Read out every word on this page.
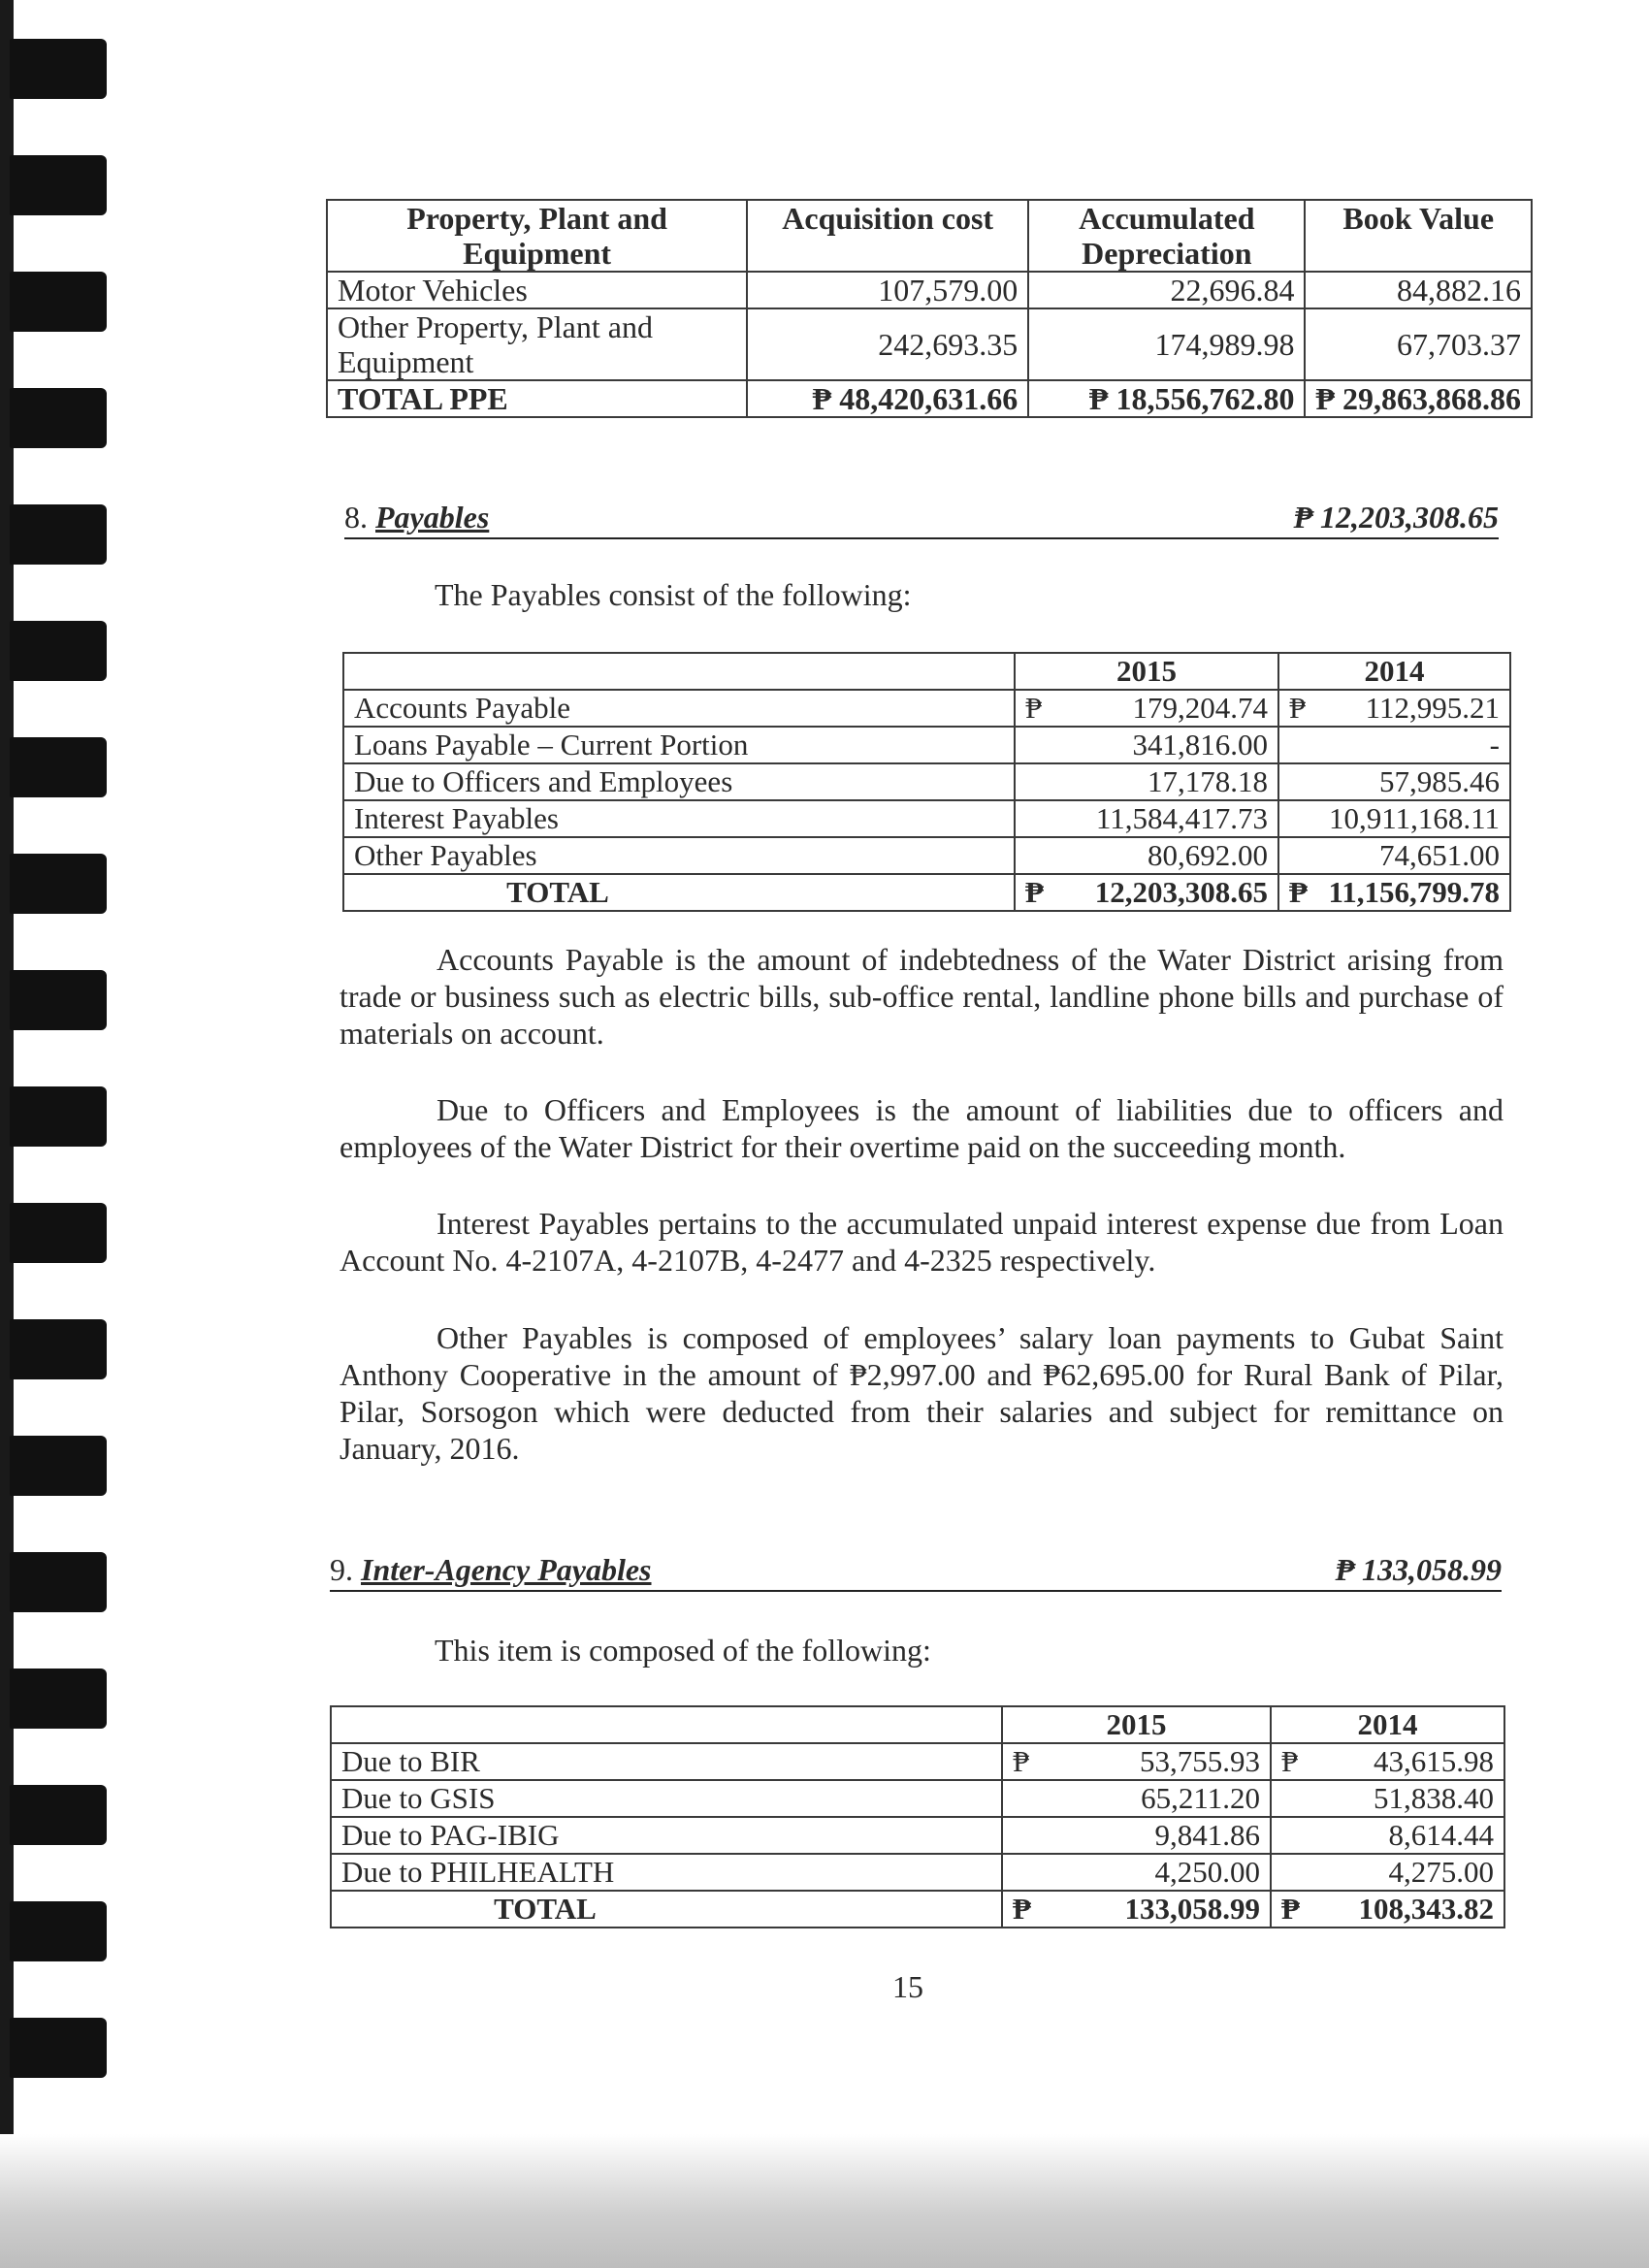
Property, Plant and Equipment	Acquisition cost	Accumulated Depreciation	Book Value
Motor Vehicles	107,579.00	22,696.84	84,882.16
Other Property, Plant and Equipment	242,693.35	174,989.98	67,703.37
TOTAL PPE	₱ 48,420,631.66	₱ 18,556,762.80	₱ 29,863,868.86
8. Payables	₱ 12,203,308.65
The Payables consist of the following:
	2015	2014
Accounts Payable	₱ 179,204.74	₱ 112,995.21

Loans Payable – Current Portion	341,816.00	-
Due to Officers and Employees	17,178.18	57,985.46
Interest Payables	11,584,417.73	10,911,168.11
Other Payables	80,692.00	74,651.00
TOTAL	₱ 12,203,308.65	₱ 11,156,799.78

Accounts Payable is the amount of indebtedness of the Water District arising from trade or business such as electric bills, sub-office rental, landline phone bills and purchase of materials on account.

Due to Officers and Employees is the amount of liabilities due to officers and employees of the Water District for their overtime paid on the succeeding month.

Interest Payables pertains to the accumulated unpaid interest expense due from Loan Account No. 4-2107A, 4-2107B, 4-2477 and 4-2325 respectively.

Other Payables is composed of employees’ salary loan payments to Gubat Saint Anthony Cooperative in the amount of ₱2,997.00 and ₱62,695.00 for Rural Bank of Pilar, Pilar, Sorsogon which were deducted from their salaries and subject for remittance on January, 2016.

9. Inter-Agency Payables	₱ 133,058.99
This item is composed of the following:
	2015	2014
Due to BIR	₱ 53,755.93	₱ 43,615.98

Due to GSIS	65,211.20	51,838.40
Due to PAG-IBIG	9,841.86	8,614.44
Due to PHILHEALTH	4,250.00	4,275.00
TOTAL	₱ 133,058.99	₱ 108,343.82
15
